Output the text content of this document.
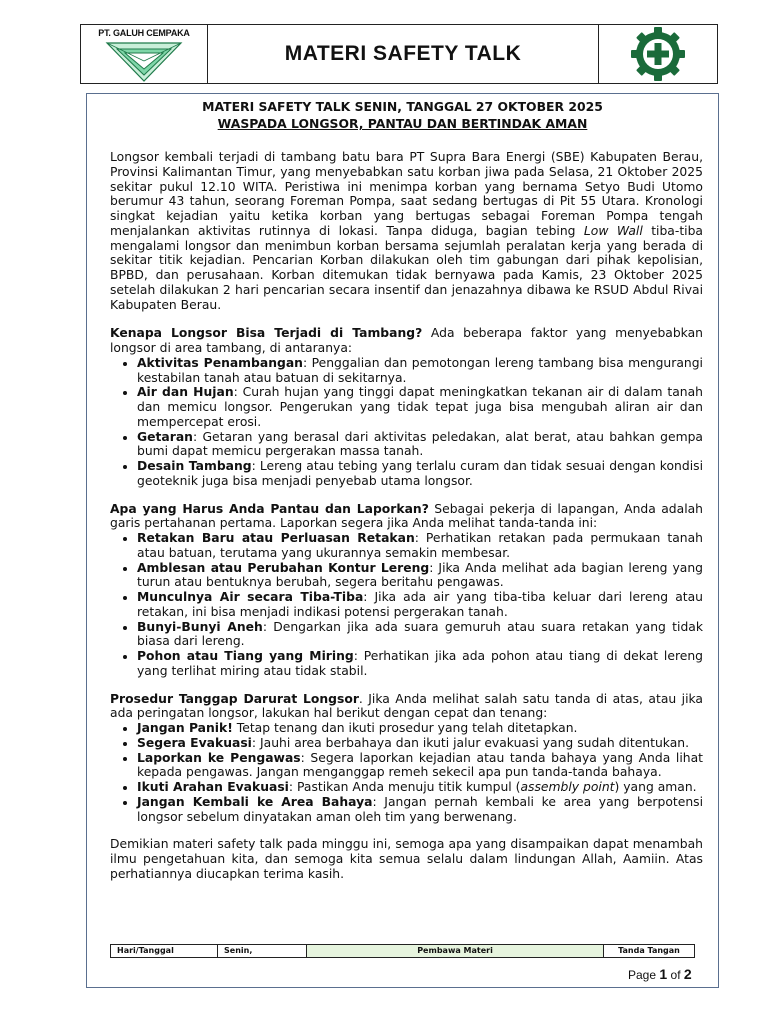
PT. GALUH CEMPAKA
MATERI SAFETY TALK
MATERI SAFETY TALK SENIN, TANGGAL 27 OKTOBER 2025
WASPADA LONGSOR, PANTAU DAN BERTINDAK AMAN

Longsor kembali terjadi di tambang batu bara PT Supra Bara Energi (SBE) Kabupaten Berau, Provinsi Kalimantan Timur, yang menyebabkan satu korban jiwa pada Selasa, 21 Oktober 2025 sekitar pukul 12.10 WITA. Peristiwa ini menimpa korban yang bernama Setyo Budi Utomo berumur 43 tahun, seorang Foreman Pompa, saat sedang bertugas di Pit 55 Utara. Kronologi singkat kejadian yaitu ketika korban yang bertugas sebagai Foreman Pompa tengah menjalankan aktivitas rutinnya di lokasi. Tanpa diduga, bagian tebing Low Wall tiba-tiba mengalami longsor dan menimbun korban bersama sejumlah peralatan kerja yang berada di sekitar titik kejadian. Pencarian Korban dilakukan oleh tim gabungan dari pihak kepolisian, BPBD, dan perusahaan. Korban ditemukan tidak bernyawa pada Kamis, 23 Oktober 2025 setelah dilakukan 2 hari pencarian secara insentif dan jenazahnya dibawa ke RSUD Abdul Rivai Kabupaten Berau.

Kenapa Longsor Bisa Terjadi di Tambang? Ada beberapa faktor yang menyebabkan longsor di area tambang, di antaranya:

• Aktivitas Penambangan: Penggalian dan pemotongan lereng tambang bisa mengurangi kestabilan tanah atau batuan di sekitarnya.
• Air dan Hujan: Curah hujan yang tinggi dapat meningkatkan tekanan air di dalam tanah dan memicu longsor. Pengerukan yang tidak tepat juga bisa mengubah aliran air dan mempercepat erosi.
• Getaran: Getaran yang berasal dari aktivitas peledakan, alat berat, atau bahkan gempa bumi dapat memicu pergerakan massa tanah.
• Desain Tambang: Lereng atau tebing yang terlalu curam dan tidak sesuai dengan kondisi geoteknik juga bisa menjadi penyebab utama longsor.

Apa yang Harus Anda Pantau dan Laporkan? Sebagai pekerja di lapangan, Anda adalah garis pertahanan pertama. Laporkan segera jika Anda melihat tanda-tanda ini:

• Retakan Baru atau Perluasan Retakan: Perhatikan retakan pada permukaan tanah atau batuan, terutama yang ukurannya semakin membesar.
• Amblesan atau Perubahan Kontur Lereng: Jika Anda melihat ada bagian lereng yang turun atau bentuknya berubah, segera beritahu pengawas.
• Munculnya Air secara Tiba-Tiba: Jika ada air yang tiba-tiba keluar dari lereng atau retakan, ini bisa menjadi indikasi potensi pergerakan tanah.
• Bunyi-Bunyi Aneh: Dengarkan jika ada suara gemuruh atau suara retakan yang tidak biasa dari lereng.
• Pohon atau Tiang yang Miring: Perhatikan jika ada pohon atau tiang di dekat lereng yang terlihat miring atau tidak stabil.

Prosedur Tanggap Darurat Longsor. Jika Anda melihat salah satu tanda di atas, atau jika ada peringatan longsor, lakukan hal berikut dengan cepat dan tenang:

• Jangan Panik! Tetap tenang dan ikuti prosedur yang telah ditetapkan.
• Segera Evakuasi: Jauhi area berbahaya dan ikuti jalur evakuasi yang sudah ditentukan.
• Laporkan ke Pengawas: Segera laporkan kejadian atau tanda bahaya yang Anda lihat kepada pengawas. Jangan menganggap remeh sekecil apa pun tanda-tanda bahaya.
• Ikuti Arahan Evakuasi: Pastikan Anda menuju titik kumpul (assembly point) yang aman.
• Jangan Kembali ke Area Bahaya: Jangan pernah kembali ke area yang berpotensi longsor sebelum dinyatakan aman oleh tim yang berwenang.

Demikian materi safety talk pada minggu ini, semoga apa yang disampaikan dapat menambah ilmu pengetahuan kita, dan semoga kita semua selalu dalam lindungan Allah, Aamiin. Atas perhatiannya diucapkan terima kasih.

Hari/Tanggal	Senin,	Pembawa Materi	Tanda Tangan
Page 1 of 2
